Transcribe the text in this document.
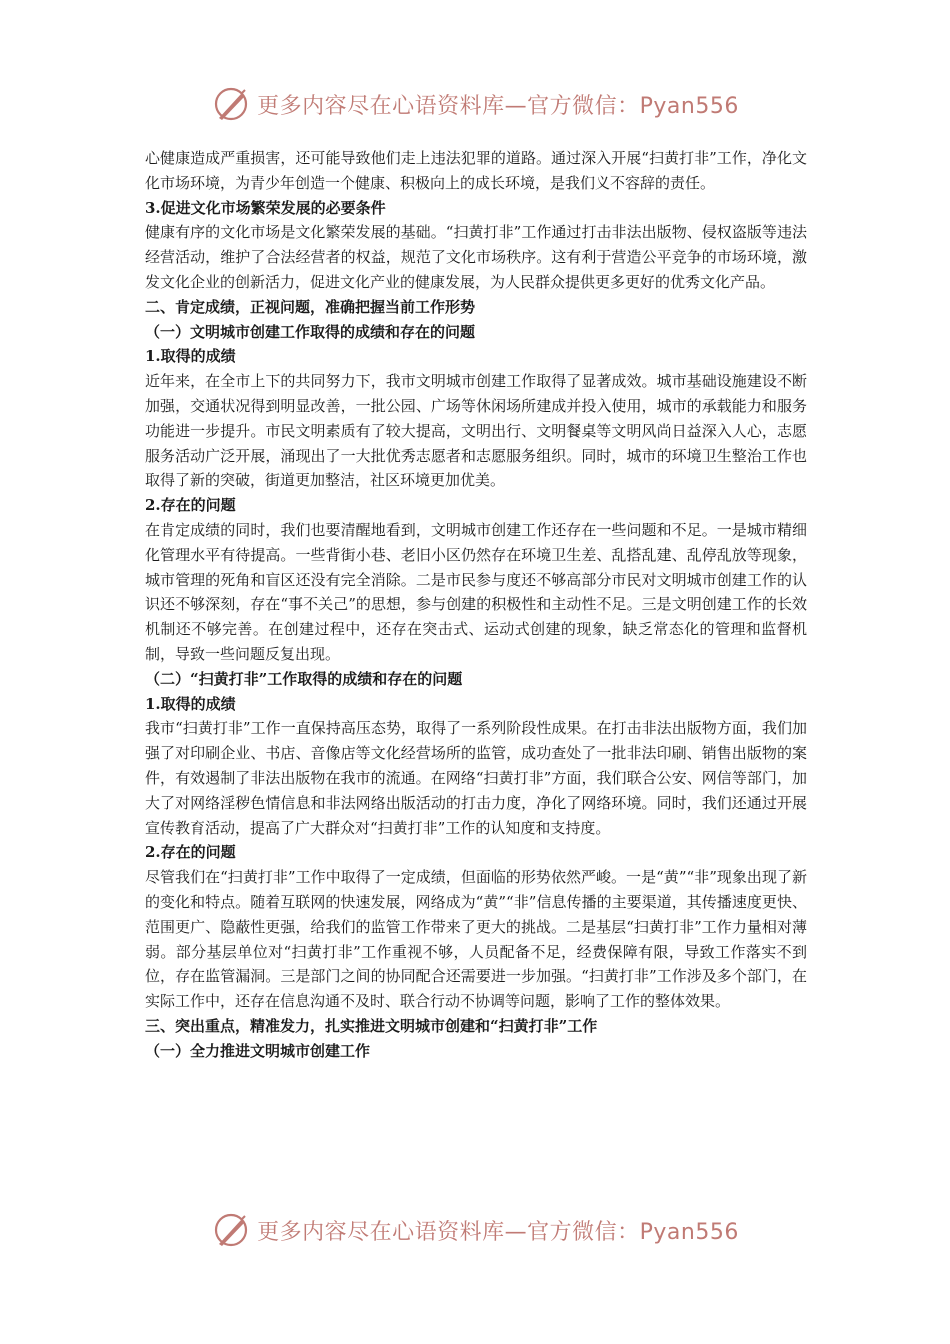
更多内容尽在心语资料库—官方微信：Pyan556

心健康造成严重损害，还可能导致他们走上违法犯罪的道路。通过深入开展“扫黄打非”工作，净化文化市场环境，为青少年创造一个健康、积极向上的成长环境，是我们义不容辞的责任。

3.促进文化市场繁荣发展的必要条件

健康有序的文化市场是文化繁荣发展的基础。“扫黄打非”工作通过打击非法出版物、侵权盗版等违法经营活动，维护了合法经营者的权益，规范了文化市场秩序。这有利于营造公平竞争的市场环境，激发文化企业的创新活力，促进文化产业的健康发展，为人民群众提供更多更好的优秀文化产品。

二、肯定成绩，正视问题，准确把握当前工作形势

（一）文明城市创建工作取得的成绩和存在的问题

1.取得的成绩

近年来，在全市上下的共同努力下，我市文明城市创建工作取得了显著成效。城市基础设施建设不断加强，交通状况得到明显改善，一批公园、广场等休闲场所建成并投入使用，城市的承载能力和服务功能进一步提升。市民文明素质有了较大提高，文明出行、文明餐桌等文明风尚日益深入人心，志愿服务活动广泛开展，涌现出了一大批优秀志愿者和志愿服务组织。同时，城市的环境卫生整治工作也取得了新的突破，街道更加整洁，社区环境更加优美。

2.存在的问题

在肯定成绩的同时，我们也要清醒地看到，文明城市创建工作还存在一些问题和不足。一是城市精细化管理水平有待提高。一些背街小巷、老旧小区仍然存在环境卫生差、乱搭乱建、乱停乱放等现象，城市管理的死角和盲区还没有完全消除。二是市民参与度还不够高部分市民对文明城市创建工作的认识还不够深刻，存在“事不关己”的思想，参与创建的积极性和主动性不足。三是文明创建工作的长效机制还不够完善。在创建过程中，还存在突击式、运动式创建的现象，缺乏常态化的管理和监督机制，导致一些问题反复出现。

（二）“扫黄打非”工作取得的成绩和存在的问题

1.取得的成绩

我市“扫黄打非”工作一直保持高压态势，取得了一系列阶段性成果。在打击非法出版物方面，我们加强了对印刷企业、书店、音像店等文化经营场所的监管，成功查处了一批非法印刷、销售出版物的案件，有效遏制了非法出版物在我市的流通。在网络“扫黄打非”方面，我们联合公安、网信等部门，加大了对网络淫秽色情信息和非法网络出版活动的打击力度，净化了网络环境。同时，我们还通过开展宣传教育活动，提高了广大群众对“扫黄打非”工作的认知度和支持度。

2.存在的问题

尽管我们在“扫黄打非”工作中取得了一定成绩，但面临的形势依然严峻。一是“黄”“非”现象出现了新的变化和特点。随着互联网的快速发展，网络成为“黄”“非”信息传播的主要渠道，其传播速度更快、范围更广、隐蔽性更强，给我们的监管工作带来了更大的挑战。二是基层“扫黄打非”工作力量相对薄弱。部分基层单位对“扫黄打非”工作重视不够，人员配备不足，经费保障有限，导致工作落实不到位，存在监管漏洞。三是部门之间的协同配合还需要进一步加强。“扫黄打非”工作涉及多个部门，在实际工作中，还存在信息沟通不及时、联合行动不协调等问题，影响了工作的整体效果。

三、突出重点，精准发力，扎实推进文明城市创建和“扫黄打非”工作

（一）全力推进文明城市创建工作

更多内容尽在心语资料库—官方微信：Pyan556
